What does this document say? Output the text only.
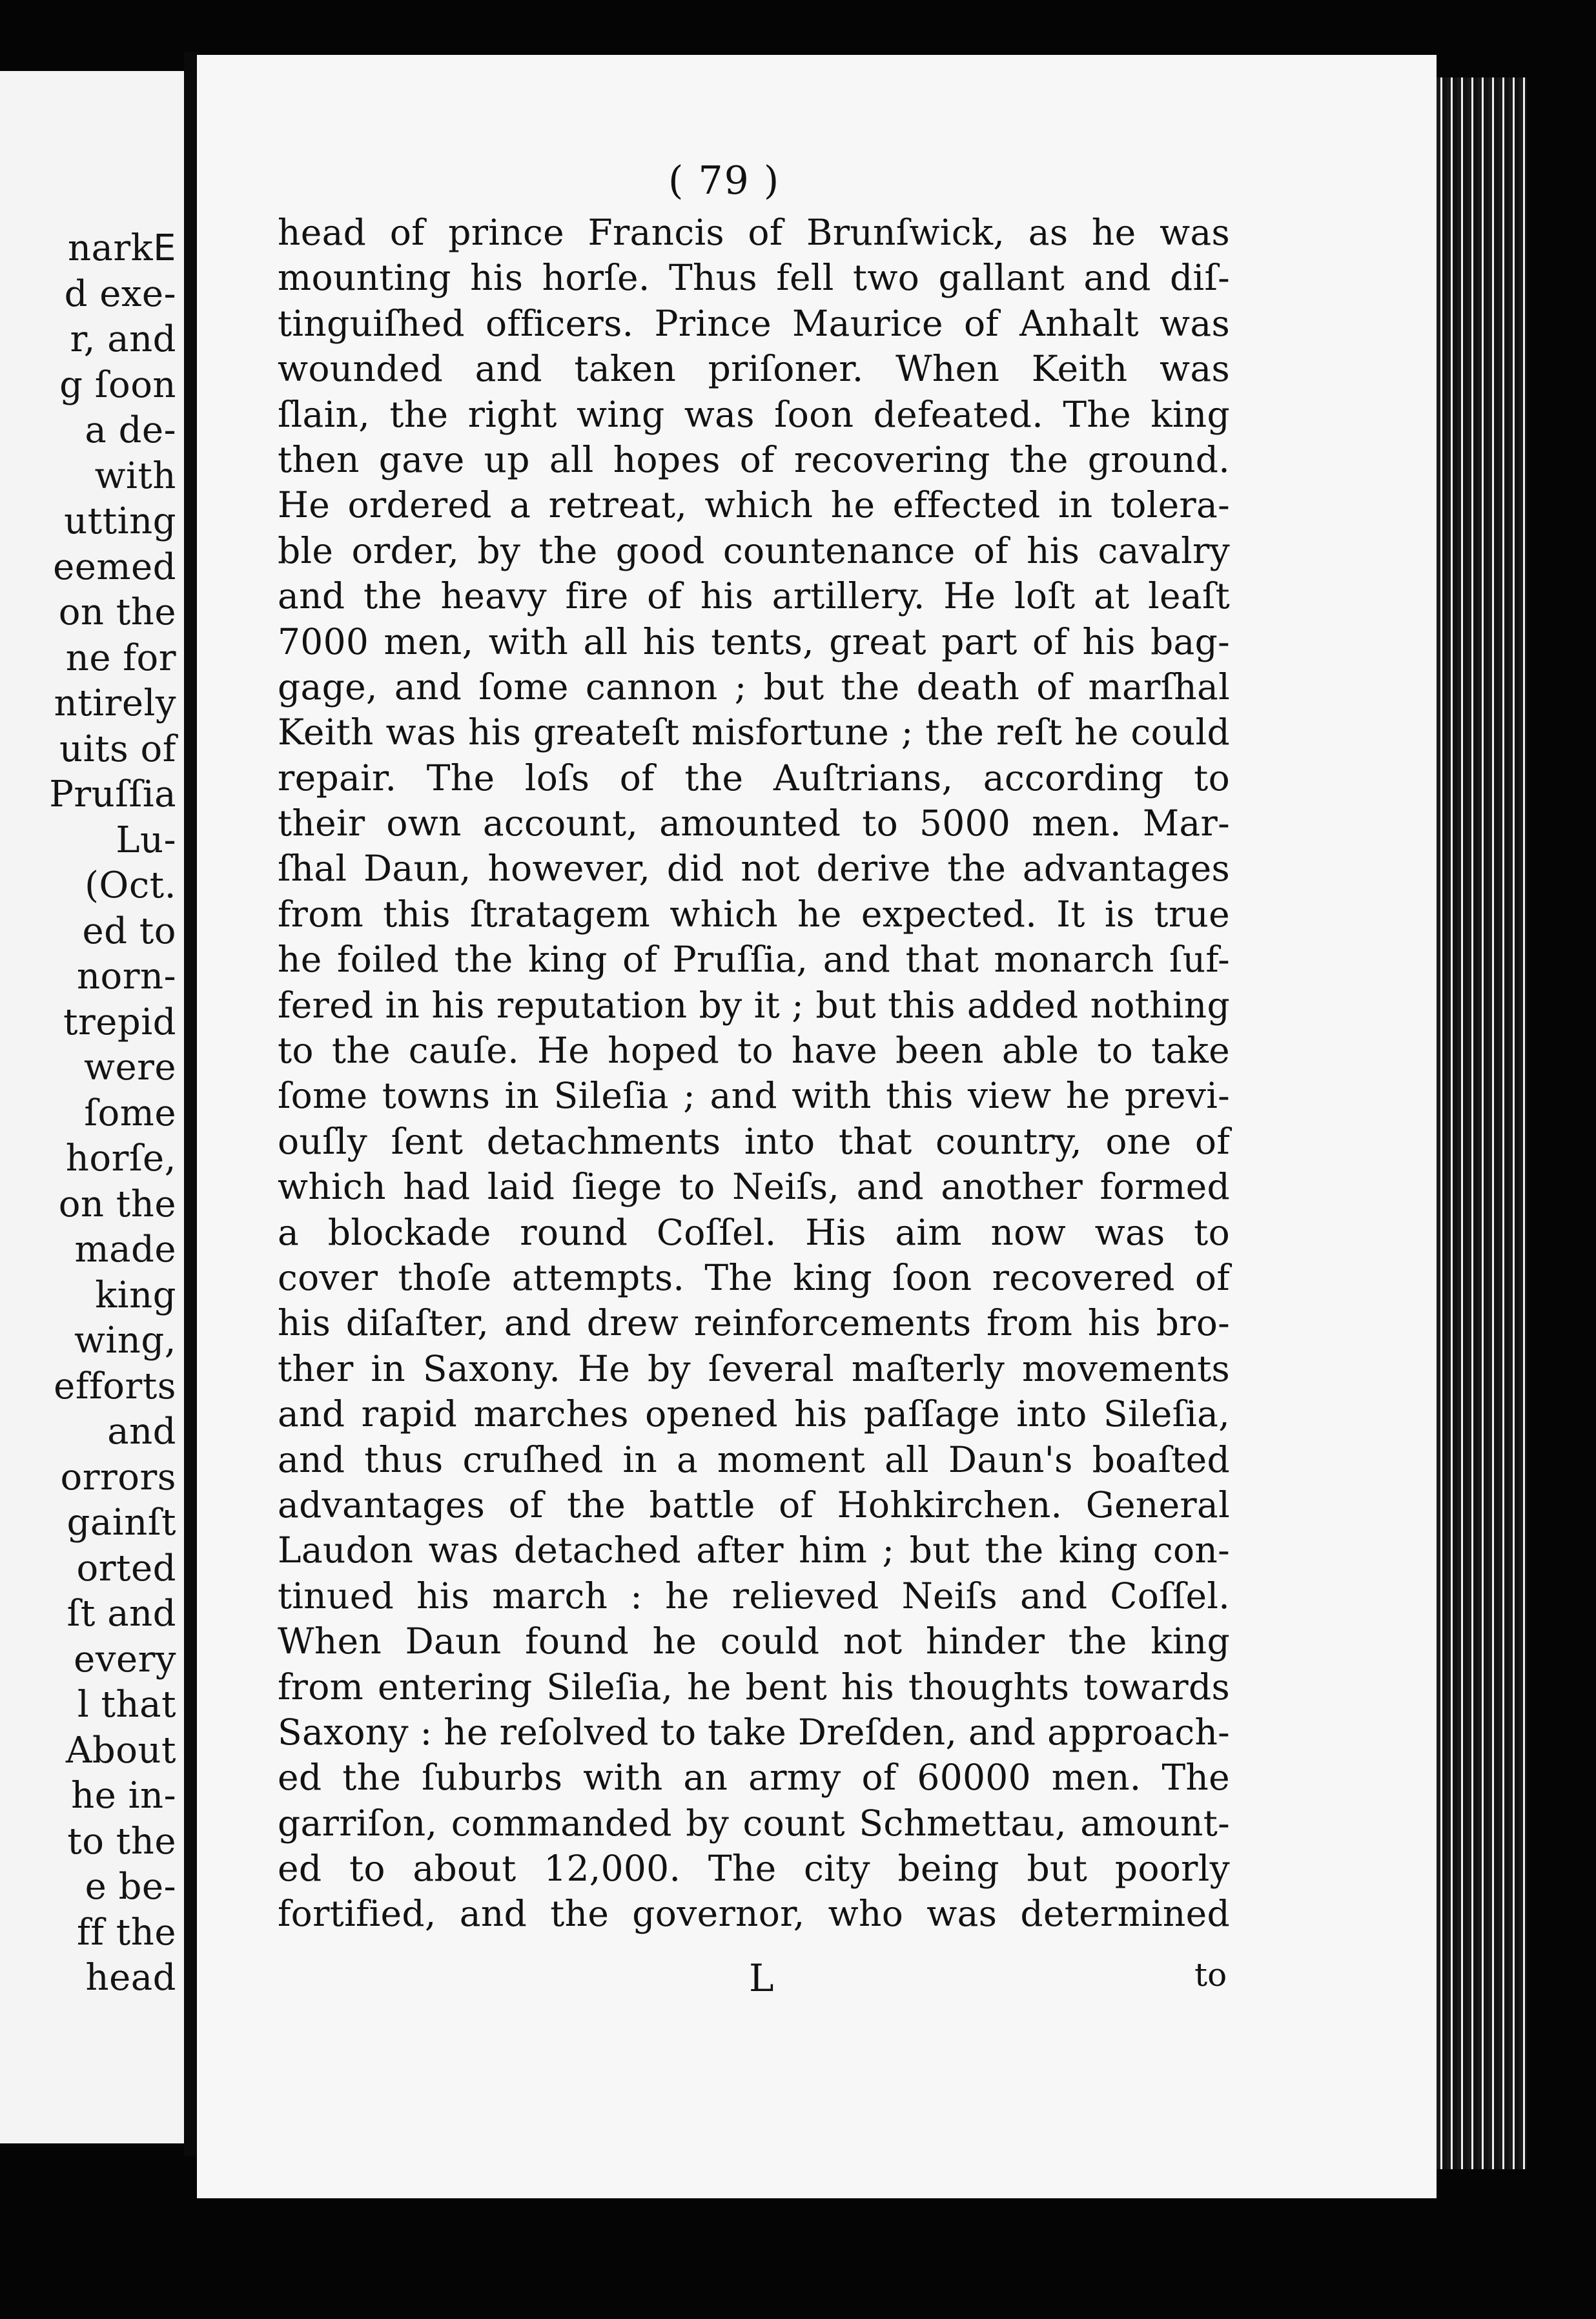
narkⴹ
d exe-
r, and
g ſoon
a de-
with
utting
eemed
on the
ne for
ntirely
uits of
Pruſſia
Lu-
(Oct.
ed to
norn-
trepid
were
ſome
horſe,
on the
made
king
wing,
efforts
and
orrors
gainſt
orted
ſt and
every
l that
About
he in-
to the
e be-
ff the
head
( 79 )
head of prince Francis of Brunſwick, as he was
mounting his horſe. Thus fell two gallant and diſ-
tinguiſhed officers. Prince Maurice of Anhalt was
wounded and taken priſoner. When Keith was
ſlain, the right wing was ſoon defeated. The king
then gave up all hopes of recovering the ground.
He ordered a retreat, which he effected in tolera-
ble order, by the good countenance of his cavalry
and the heavy fire of his artillery. He loſt at leaſt
7000 men, with all his tents, great part of his bag-
gage, and ſome cannon ; but the death of marſhal
Keith was his greateſt misfortune ; the reſt he could
repair. The loſs of the Auſtrians, according to
their own account, amounted to 5000 men. Mar-
ſhal Daun, however, did not derive the advantages
from this ſtratagem which he expected. It is true
he foiled the king of Pruſſia, and that monarch ſuf-
fered in his reputation by it ; but this added nothing
to the cauſe. He hoped to have been able to take
ſome towns in Sileſia ; and with this view he previ-
ouſly ſent detachments into that country, one of
which had laid ſiege to Neiſs, and another formed
a blockade round Coſſel. His aim now was to
cover thoſe attempts. The king ſoon recovered of
his diſaſter, and drew reinforcements from his bro-
ther in Saxony. He by ſeveral maſterly movements
and rapid marches opened his paſſage into Sileſia,
and thus cruſhed in a moment all Daun's boaſted
advantages of the battle of Hohkirchen. General
Laudon was detached after him ; but the king con-
tinued his march : he relieved Neiſs and Coſſel.
When Daun found he could not hinder the king
from entering Sileſia, he bent his thoughts towards
Saxony : he reſolved to take Dreſden, and approach-
ed the ſuburbs with an army of 60000 men. The
garriſon, commanded by count Schmettau, amount-
ed to about 12,000. The city being but poorly
fortified, and the governor, who was determined
L	to
